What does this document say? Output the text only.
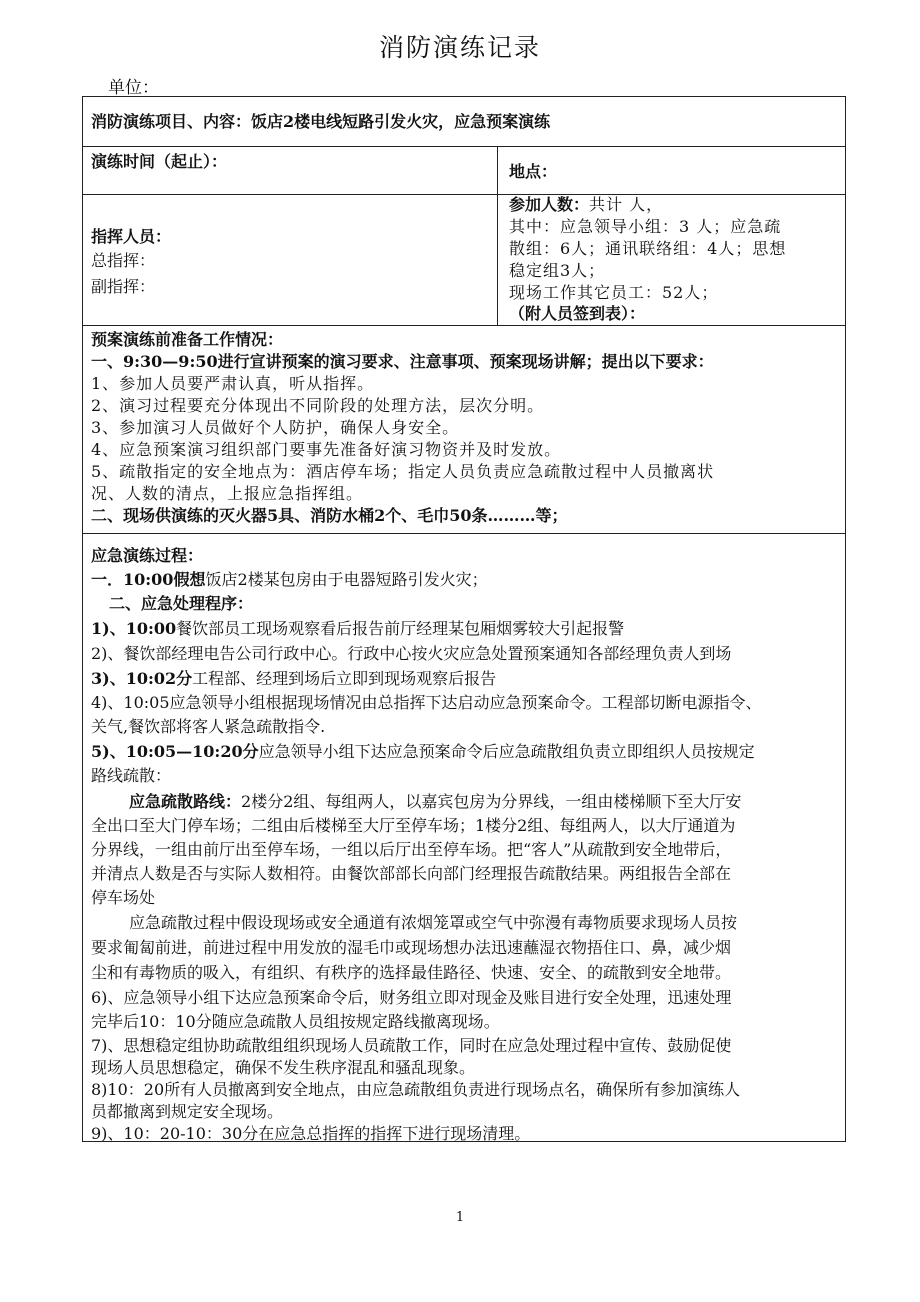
消防演练记录
单位：
消防演练项目、内容：饭店2楼电线短路引发火灾，应急预案演练
演练时间（起止）：
地点：
指挥人员：
总指挥：
副指挥：
参加人数：共计 人，
其中：应急领导小组：3 人；应急疏
散组：6人；通讯联络组：4人；思想
稳定组3人；
现场工作其它员工：52人；
（附人员签到表）：
预案演练前准备工作情况：
一、9:30—9:50进行宣讲预案的演习要求、注意事项、预案现场讲解；提出以下要求：
1、参加人员要严肃认真，听从指挥。
2、演习过程要充分体现出不同阶段的处理方法，层次分明。
3、参加演习人员做好个人防护，确保人身安全。
4、应急预案演习组织部门要事先准备好演习物资并及时发放。
5、疏散指定的安全地点为：酒店停车场；指定人员负责应急疏散过程中人员撤离状
况、人数的清点，上报应急指挥组。
二、现场供演练的灭火器5具、消防水桶2个、毛巾50条………等；
应急演练过程：
一．10:00假想饭店2楼某包房由于电器短路引发火灾；
二、应急处理程序：
1)、10:00餐饮部员工现场观察看后报告前厅经理某包厢烟雾较大引起报警
2)、餐饮部经理电告公司行政中心。行政中心按火灾应急处置预案通知各部经理负责人到场
3)、10:02分工程部、经理到场后立即到现场观察后报告
4)、10:05应急领导小组根据现场情况由总指挥下达启动应急预案命令。工程部切断电源指令、
关气,餐饮部将客人紧急疏散指令.
5)、10:05—10:20分应急领导小组下达应急预案命令后应急疏散组负责立即组织人员按规定
路线疏散：
应急疏散路线：2楼分2组、每组两人，以嘉宾包房为分界线，一组由楼梯顺下至大厅安
全出口至大门停车场；二组由后楼梯至大厅至停车场；1楼分2组、每组两人，以大厅通道为
分界线，一组由前厅出至停车场，一组以后厅出至停车场。把“客人”从疏散到安全地带后，
并清点人数是否与实际人数相符。由餐饮部部长向部门经理报告疏散结果。两组报告全部在
停车场处
应急疏散过程中假设现场或安全通道有浓烟笼罩或空气中弥漫有毒物质要求现场人员按
要求匍匐前进，前进过程中用发放的湿毛巾或现场想办法迅速蘸湿衣物捂住口、鼻，减少烟
尘和有毒物质的吸入，有组织、有秩序的选择最佳路径、快速、安全、的疏散到安全地带。
6)、应急领导小组下达应急预案命令后，财务组立即对现金及账目进行安全处理，迅速处理
完毕后10：10分随应急疏散人员组按规定路线撤离现场。
7)、思想稳定组协助疏散组组织现场人员疏散工作，同时在应急处理过程中宣传、鼓励促使
现场人员思想稳定，确保不发生秩序混乱和骚乱现象。
8)10：20所有人员撤离到安全地点，由应急疏散组负责进行现场点名，确保所有参加演练人
员都撤离到规定安全现场。
9)、10：20-10：30分在应急总指挥的指挥下进行现场清理。
1
